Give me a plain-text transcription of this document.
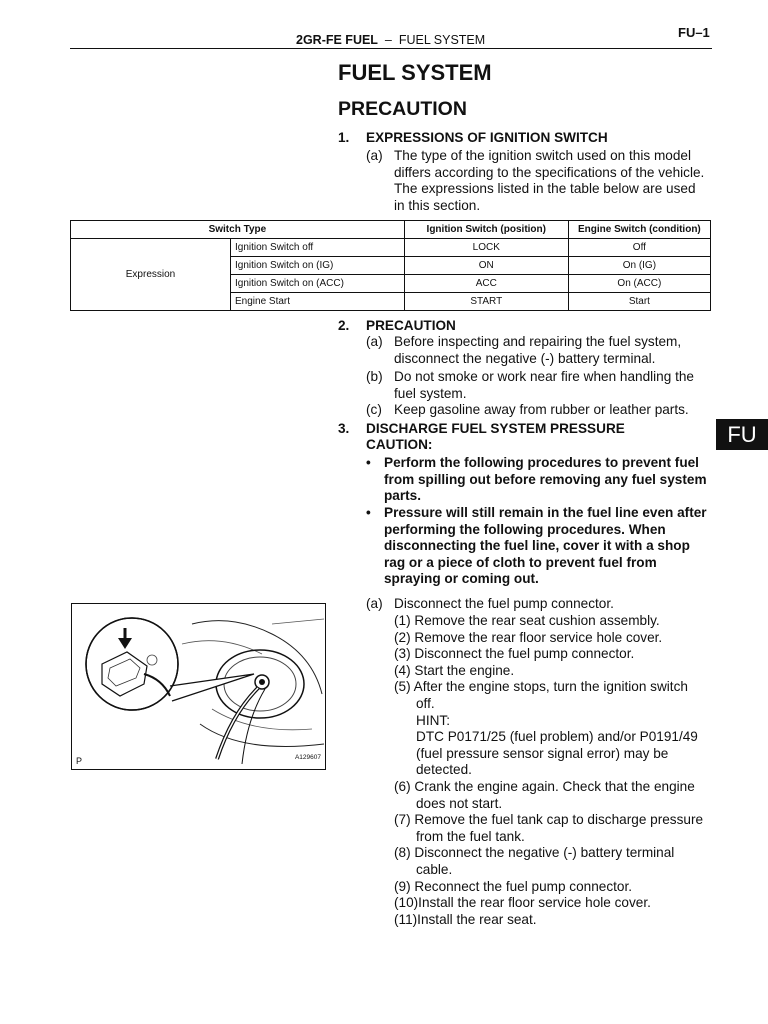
2GR-FE FUEL – FUEL SYSTEM	FU–1
FUEL SYSTEM
PRECAUTION
1. EXPRESSIONS OF IGNITION SWITCH
(a) The type of the ignition switch used on this model
differs according to the specifications of the vehicle.
The expressions listed in the table below are used
in this section.
Switch Type		Ignition Switch (position)	Engine Switch (condition)
Expression	Ignition Switch off	LOCK	Off
	Ignition Switch on (IG)	ON	On (IG)
	Ignition Switch on (ACC)	ACC	On (ACC)
	Engine Start	START	Start
2. PRECAUTION
(a) Before inspecting and repairing the fuel system,
disconnect the negative (-) battery terminal.
(b) Do not smoke or work near fire when handling the
fuel system.
(c) Keep gasoline away from rubber or leather parts.
3. DISCHARGE FUEL SYSTEM PRESSURE
CAUTION:
• Perform the following procedures to prevent fuel
from spilling out before removing any fuel system
parts.
• Pressure will still remain in the fuel line even after
performing the following procedures. When
disconnecting the fuel line, cover it with a shop
rag or a piece of cloth to prevent fuel from
spraying or coming out.
(a) Disconnect the fuel pump connector.
(1) Remove the rear seat cushion assembly.
(2) Remove the rear floor service hole cover.
(3) Disconnect the fuel pump connector.
(4) Start the engine.
(5) After the engine stops, turn the ignition switch
off.
HINT:
DTC P0171/25 (fuel problem) and/or P0191/49
(fuel pressure sensor signal error) may be
detected.
(6) Crank the engine again. Check that the engine
does not start.
(7) Remove the fuel tank cap to discharge pressure
from the fuel tank.
(8) Disconnect the negative (-) battery terminal
cable.
(9) Reconnect the fuel pump connector.
(10)Install the rear floor service hole cover.
(11)Install the rear seat.
P	A129607
FU
